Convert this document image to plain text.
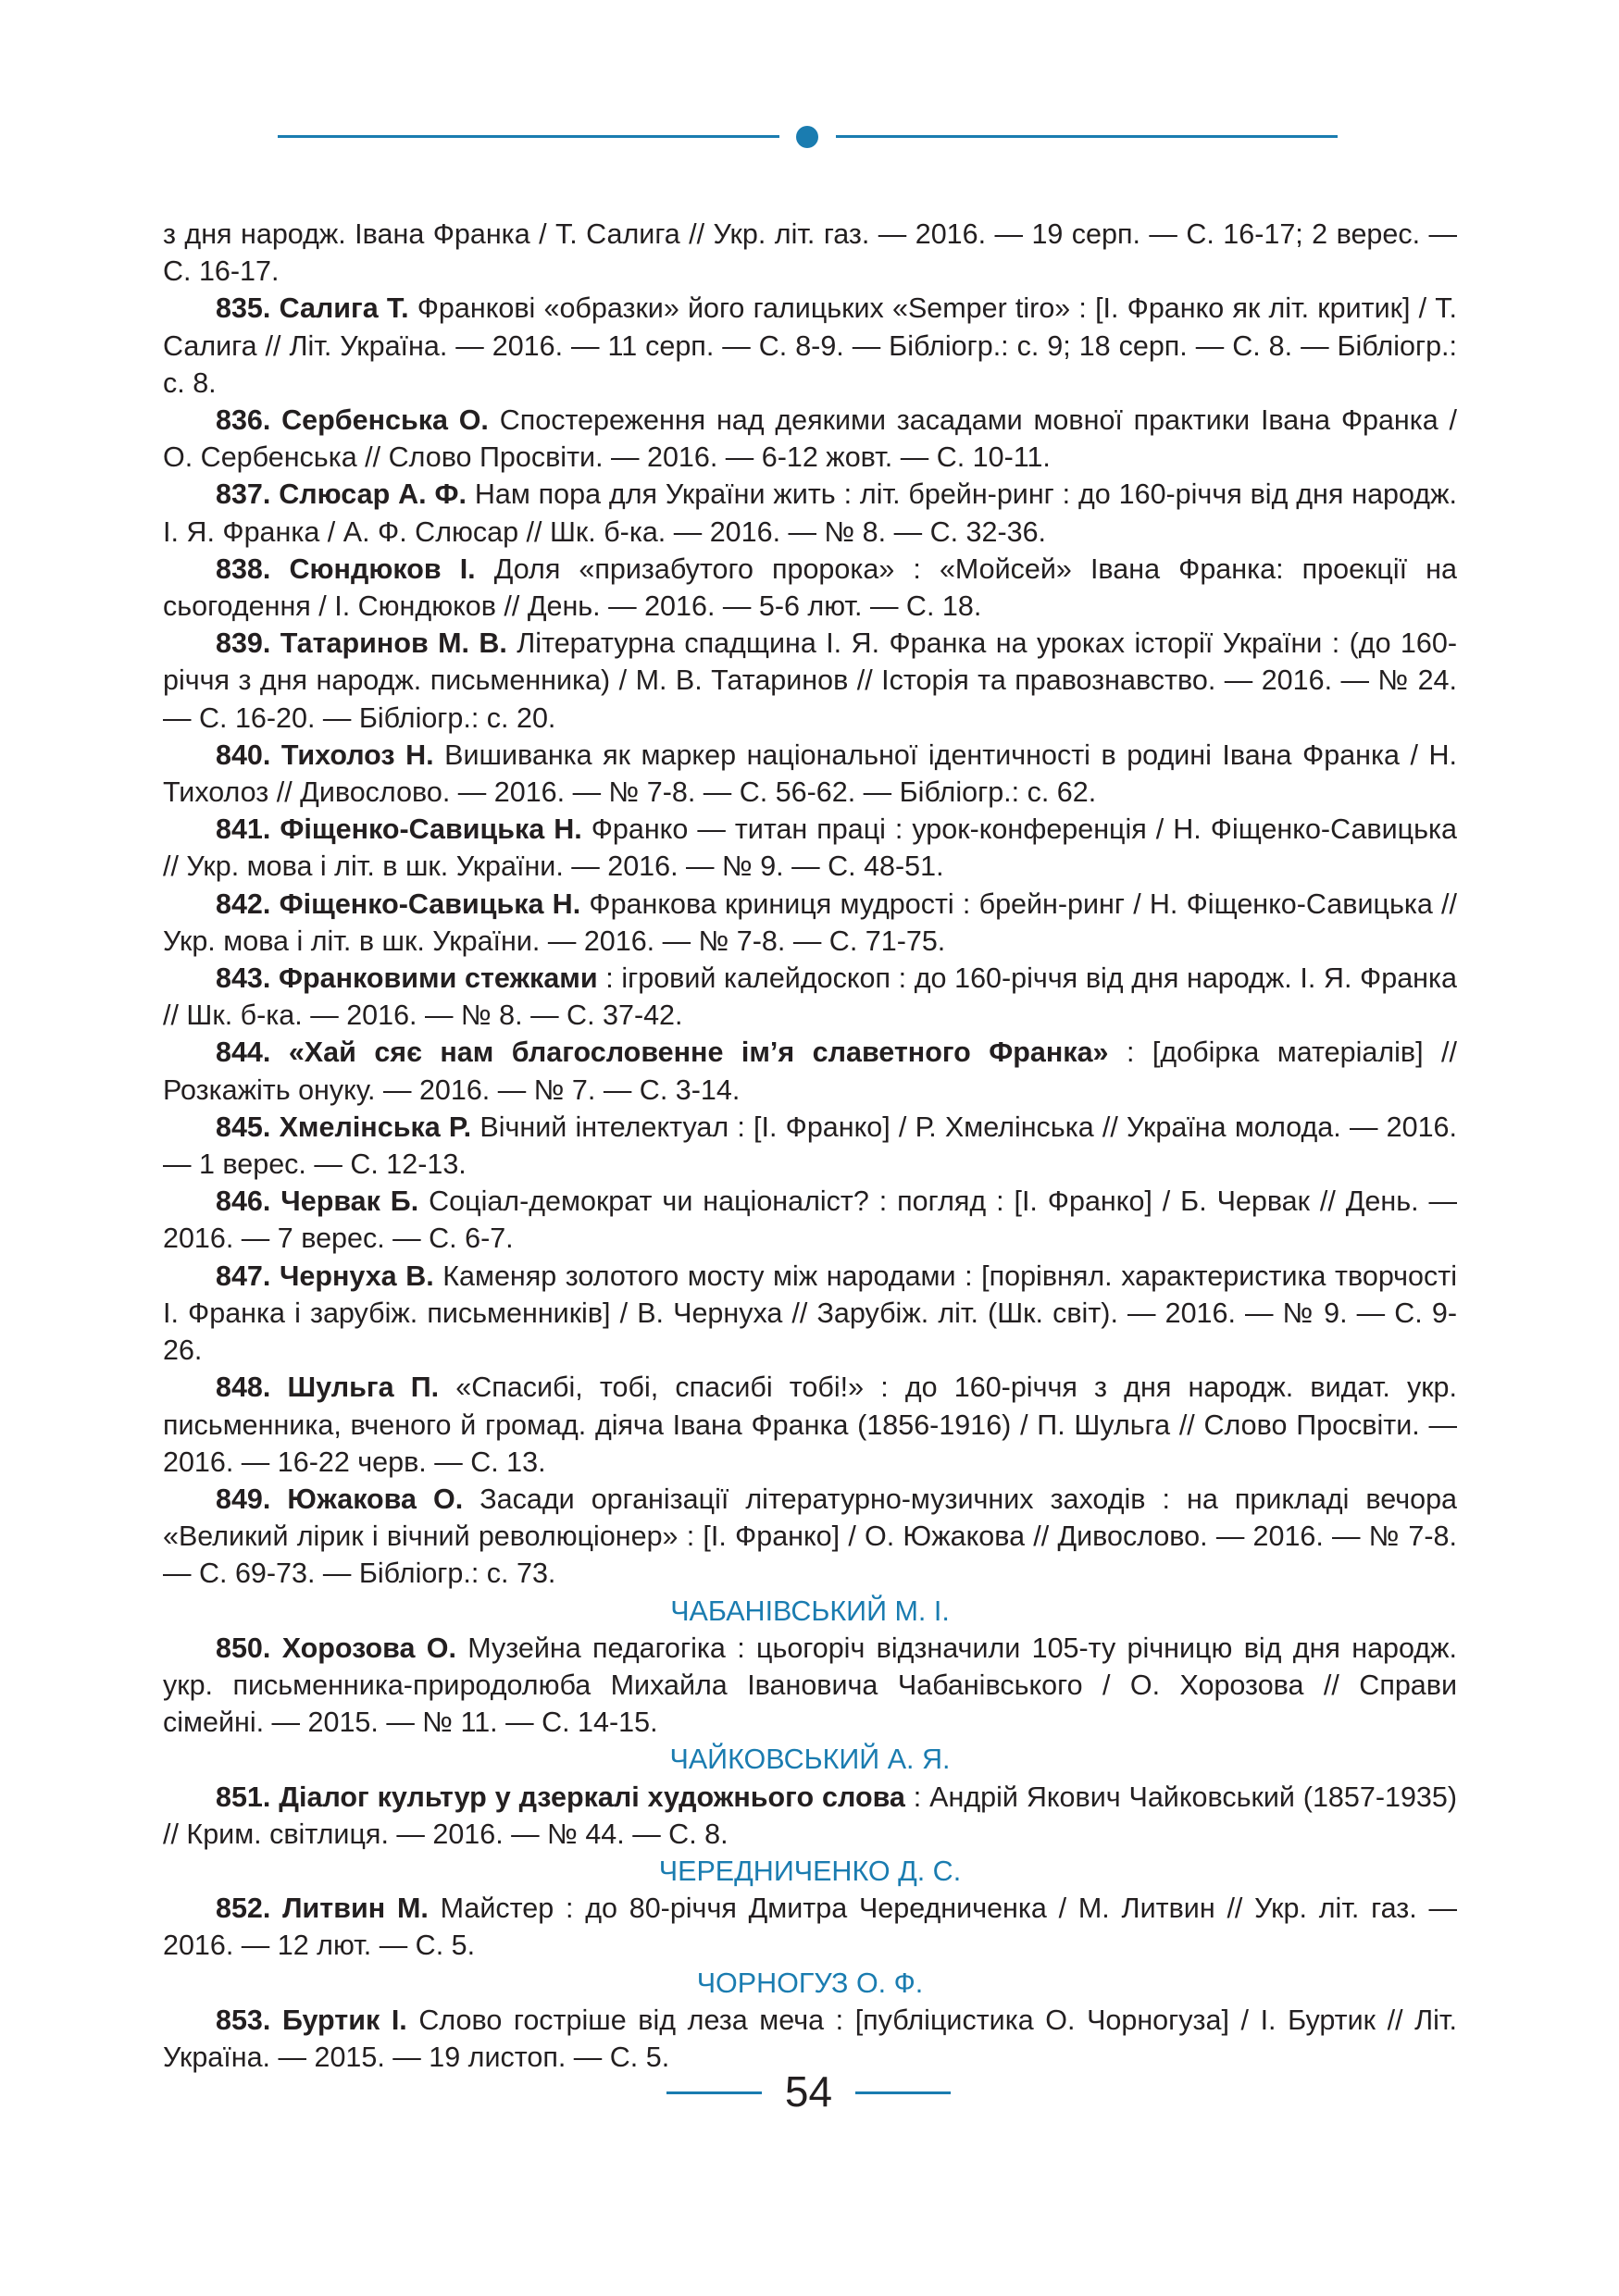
з дня народж. Івана Франка / Т. Салига // Укр. літ. газ. — 2016. — 19 серп. — С. 16-17; 2 верес. — С. 16-17.

835. Салига Т. Франкові «образки» його галицьких «Semper tiro» : [І. Франко як літ. критик] / Т. Салига // Літ. Україна. — 2016. — 11 серп. — С. 8-9. — Бібліогр.: с. 9; 18 серп. — С. 8. — Бібліогр.: с. 8.

836. Сербенська О. Спостереження над деякими засадами мовної практики Івана Франка / О. Сербенська // Слово Просвіти. — 2016. — 6-12 жовт. — С. 10-11.

837. Слюсар А. Ф. Нам пора для України жить : літ. брейн-ринг : до 160-річчя від дня народж. І. Я. Франка / А. Ф. Слюсар // Шк. б-ка. — 2016. — № 8. — С. 32-36.

838. Сюндюков І. Доля «призабутого пророка» : «Мойсей» Івана Франка: проекції на сьогодення / І. Сюндюков // День. — 2016. — 5-6 лют. — С. 18.

839. Татаринов М. В. Літературна спадщина І. Я. Франка на уроках історії України : (до 160-річчя з дня народж. письменника) / М. В. Татаринов // Історія та правознавство. — 2016. — № 24. — С. 16-20. — Бібліогр.: с. 20.

840. Тихолоз Н. Вишиванка як маркер національної ідентичності в родині Івана Франка / Н. Тихолоз // Дивослово. — 2016. — № 7-8. — С. 56-62. — Бібліогр.: с. 62.

841. Фіщенко-Савицька Н. Франко — титан праці : урок-конференція / Н. Фіщенко-Савицька // Укр. мова і літ. в шк. України. — 2016. — № 9. — С. 48-51.

842. Фіщенко-Савицька Н. Франкова криниця мудрості : брейн-ринг / Н. Фіщенко-Савицька // Укр. мова і літ. в шк. України. — 2016. — № 7-8. — С. 71-75.

843. Франковими стежками : ігровий калейдоскоп : до 160-річчя від дня народж. І. Я. Франка // Шк. б-ка. — 2016. — № 8. — С. 37-42.

844. «Хай сяє нам благословенне ім’я славетного Франка» : [добірка матеріалів] // Розкажіть онуку. — 2016. — № 7. — С. 3-14.

845. Хмелінська Р. Вічний інтелектуал : [І. Франко] / Р. Хмелінська // Україна молода. — 2016. — 1 верес. — С. 12-13.

846. Червак Б. Соціал-демократ чи націоналіст? : погляд : [І. Франко] / Б. Червак // День. — 2016. — 7 верес. — С. 6-7.

847. Чернуха В. Каменяр золотого мосту між народами : [порівнял. характеристика творчості І. Франка і зарубіж. письменників] / В. Чернуха // Зарубіж. літ. (Шк. світ). — 2016. — № 9. — С. 9-26.

848. Шульга П. «Спасибі, тобі, спасибі тобі!» : до 160-річчя з дня народж. видат. укр. письменника, вченого й громад. діяча Івана Франка (1856-1916) / П. Шульга // Слово Просвіти. — 2016. — 16-22 черв. — С. 13.

849. Южакова О. Засади організації літературно-музичних заходів : на прикладі вечора «Великий лірик і вічний революціонер» : [І. Франко] / О. Южакова // Дивослово. — 2016. — № 7-8. — С. 69-73. — Бібліогр.: с. 73.

ЧАБАНІВСЬКИЙ М. І.

850. Хорозова О. Музейна педагогіка : цьогоріч відзначили 105-ту річницю від дня народж. укр. письменника-природолюба Михайла Івановича Чабанівського / О. Хорозова // Справи сімейні. — 2015. — № 11. — С. 14-15.

ЧАЙКОВСЬКИЙ А. Я.

851. Діалог культур у дзеркалі художнього слова : Андрій Якович Чайковський (1857-1935) // Крим. світлиця. — 2016. — № 44. — С. 8.

ЧЕРЕДНИЧЕНКО Д. С.

852. Литвин М. Майстер : до 80-річчя Дмитра Чередниченка / М. Литвин // Укр. літ. газ. — 2016. — 12 лют. — С. 5.

ЧОРНОГУЗ О. Ф.

853. Буртик І. Слово гостріше від леза меча : [публіцистика О. Чорногуза] / І. Буртик // Літ. Україна. — 2015. — 19 листоп. — С. 5.

54
